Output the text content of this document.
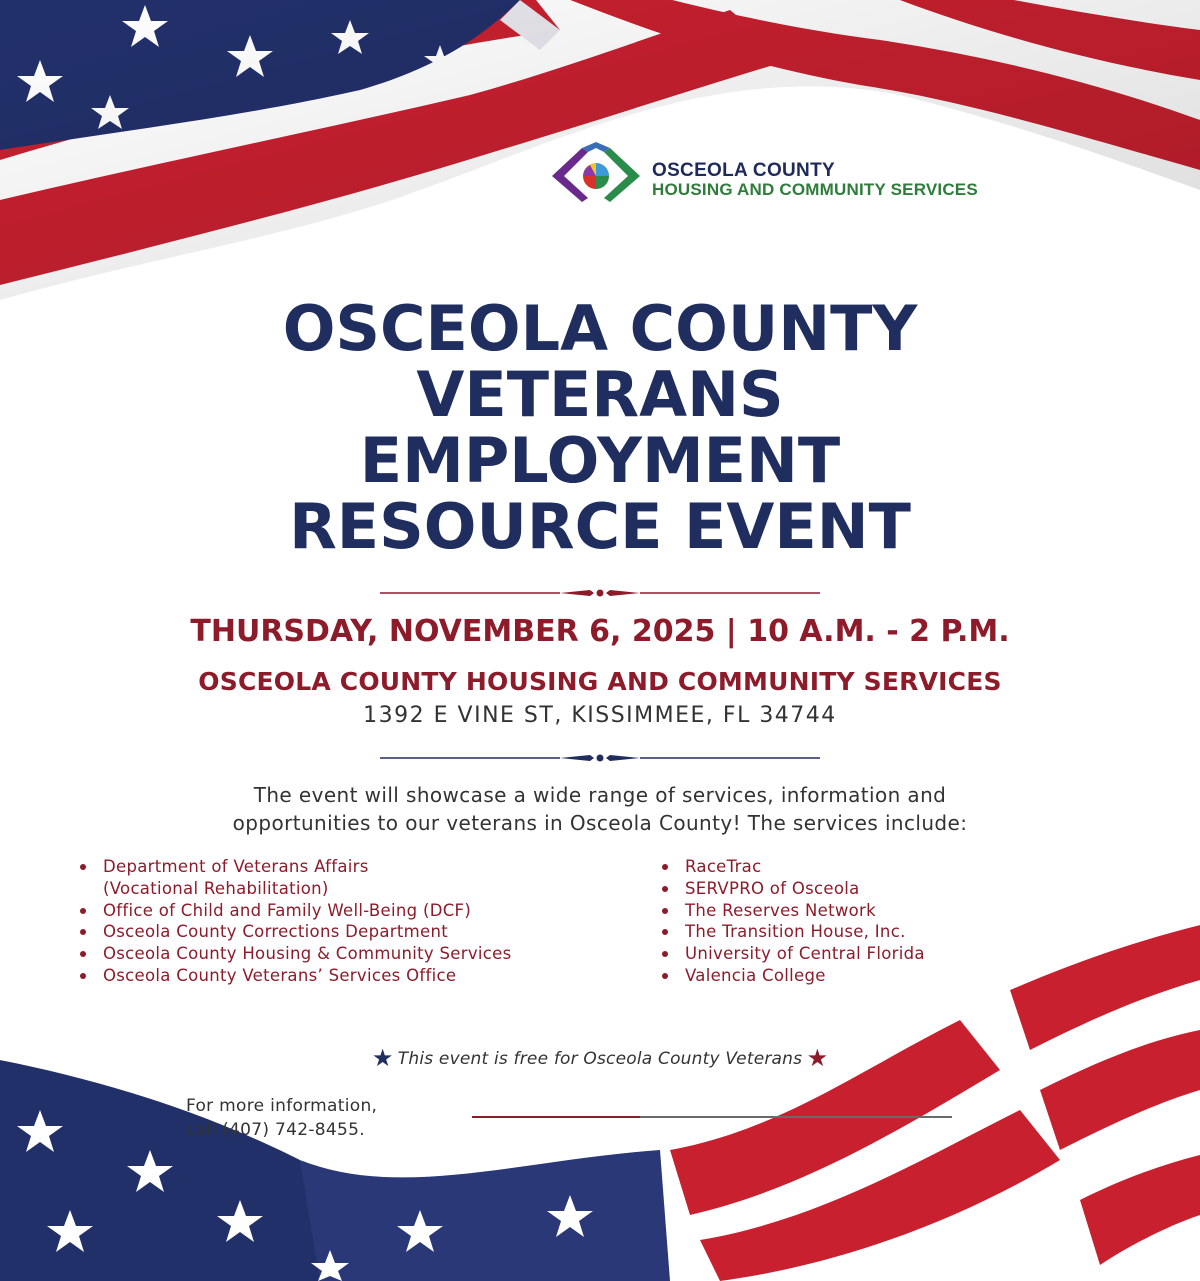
OSCEOLA COUNTY
HOUSING AND COMMUNITY SERVICES
OSCEOLA COUNTY
VETERANS
EMPLOYMENT
RESOURCE EVENT
THURSDAY, NOVEMBER 6, 2025 | 10 A.M. - 2 P.M.
OSCEOLA COUNTY HOUSING AND COMMUNITY SERVICES
1392 E VINE ST, KISSIMMEE, FL 34744
The event will showcase a wide range of services, information and
opportunities to our veterans in Osceola County! The services include:
Department of Veterans Affairs
(Vocational Rehabilitation)
Office of Child and Family Well-Being (DCF)
Osceola County Corrections Department
Osceola County Housing & Community Services
Osceola County Veterans’ Services Office
RaceTrac
SERVPRO of Osceola
The Reserves Network
The Transition House, Inc.
University of Central Florida
Valencia College
★ This event is free for Osceola County Veterans ★
For more information,
call (407) 742-8455.
